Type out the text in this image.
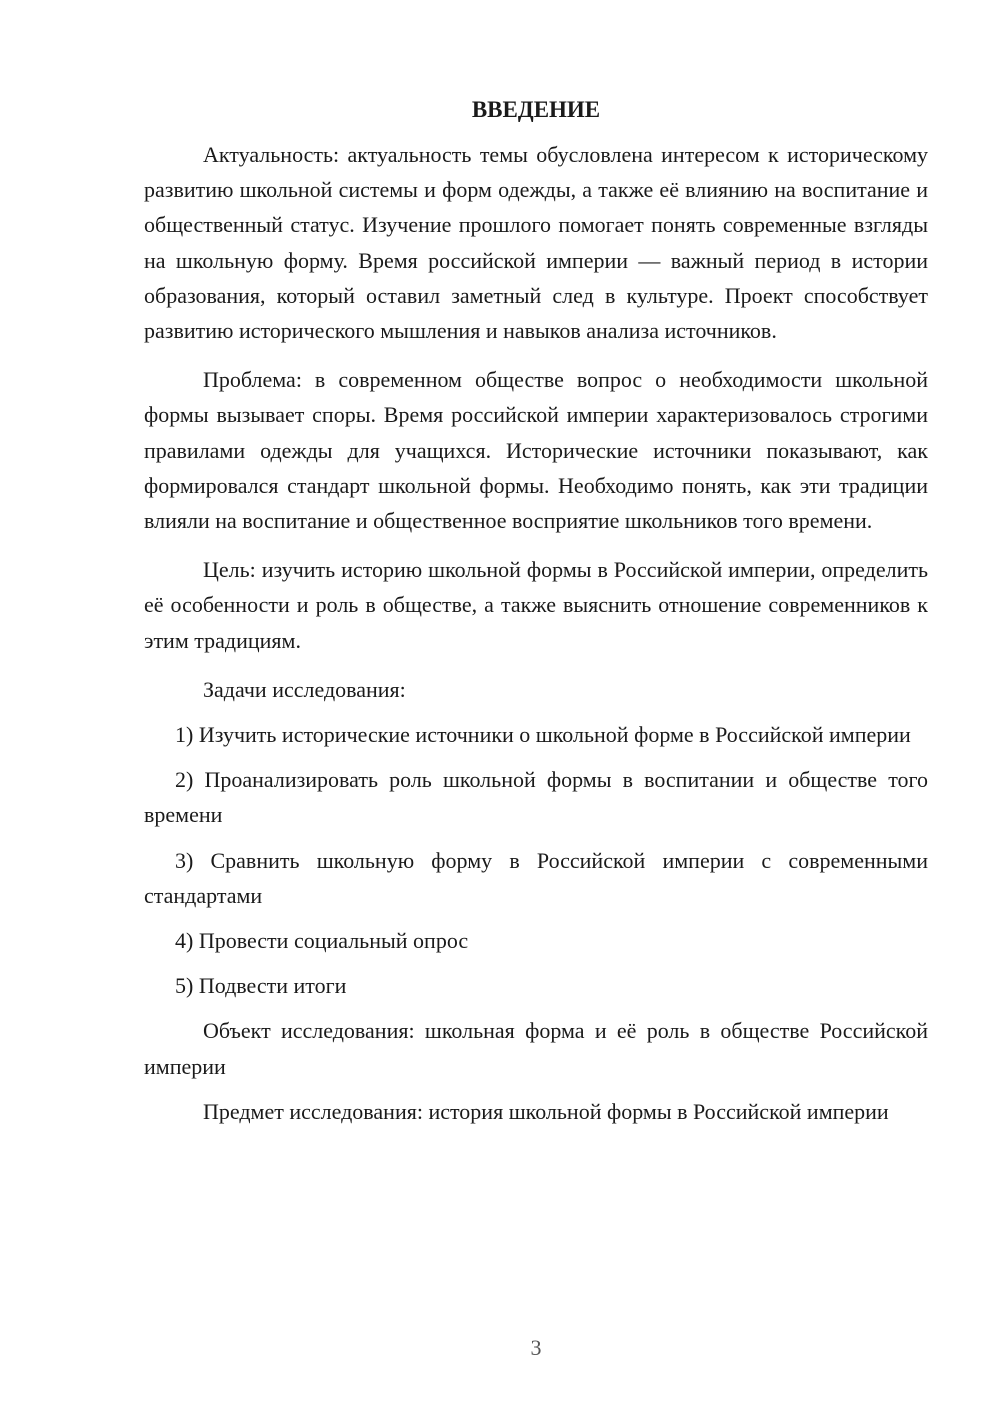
ВВЕДЕНИЕ

Актуальность: актуальность темы обусловлена интересом к историческому развитию школьной системы и форм одежды, а также её влиянию на воспитание и общественный статус. Изучение прошлого помогает понять современные взгляды на школьную форму. Время российской империи — важный период в истории образования, который оставил заметный след в культуре. Проект способствует развитию исторического мышления и навыков анализа источников.

Проблема: в современном обществе вопрос о необходимости школьной формы вызывает споры. Время российской империи характеризовалось строгими правилами одежды для учащихся. Исторические источники показывают, как формировался стандарт школьной формы. Необходимо понять, как эти традиции влияли на воспитание и общественное восприятие школьников того времени.

Цель: изучить историю школьной формы в Российской империи, определить её особенности и роль в обществе, а также выяснить отношение современников к этим традициям.

Задачи исследования:

1) Изучить исторические источники о школьной форме в Российской империи

2) Проанализировать роль школьной формы в воспитании и обществе того времени

3) Сравнить школьную форму в Российской империи с современными стандартами

4) Провести социальный опрос

5) Подвести итоги

Объект исследования: школьная форма и её роль в обществе Российской империи

Предмет исследования: история школьной формы в Российской империи

3
